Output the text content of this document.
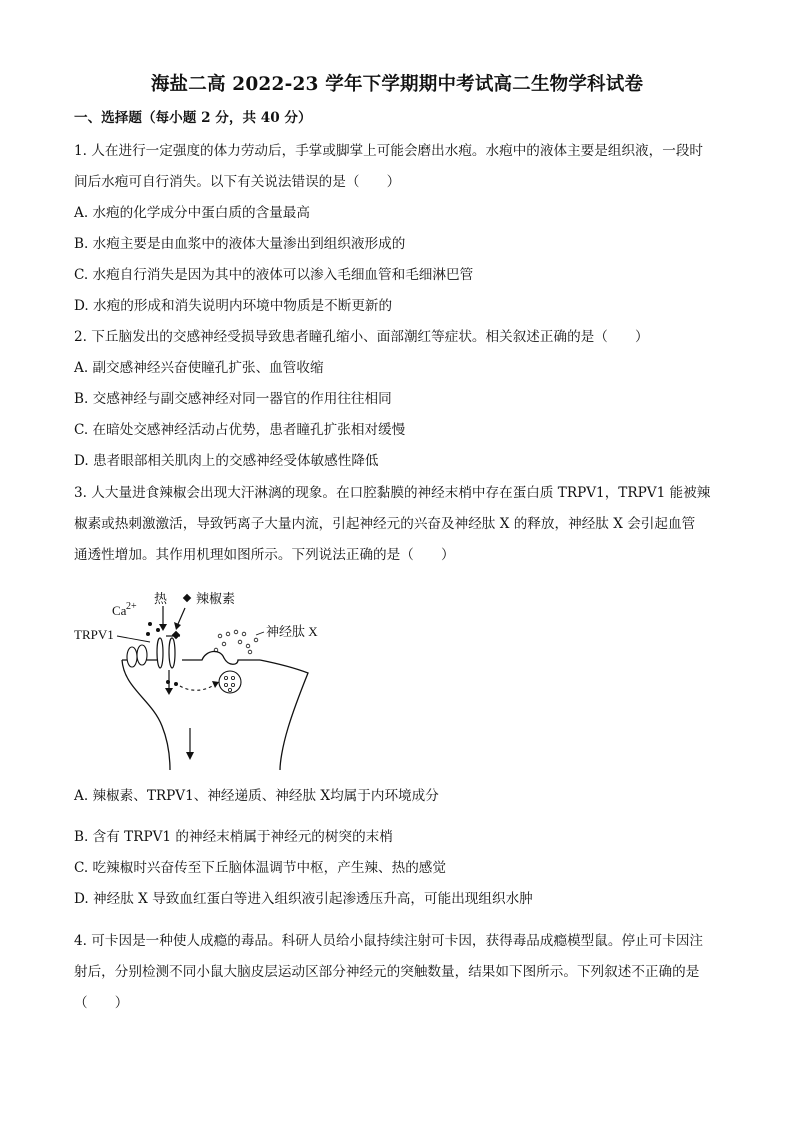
海盐二高 2022-23 学年下学期期中考试高二生物学科试卷
一、选择题（每小题 2 分，共 40 分）
1. 人在进行一定强度的体力劳动后，手掌或脚掌上可能会磨出水疱。水疱中的液体主要是组织液，一段时
间后水疱可自行消失。以下有关说法错误的是（　　）
A. 水疱的化学成分中蛋白质的含量最高
B. 水疱主要是由血浆中的液体大量渗出到组织液形成的
C. 水疱自行消失是因为其中的液体可以渗入毛细血管和毛细淋巴管
D. 水疱的形成和消失说明内环境中物质是不断更新的
2. 下丘脑发出的交感神经受损导致患者瞳孔缩小、面部潮红等症状。相关叙述正确的是（　　）
A. 副交感神经兴奋使瞳孔扩张、血管收缩
B. 交感神经与副交感神经对同一器官的作用往往相同
C. 在暗处交感神经活动占优势，患者瞳孔扩张相对缓慢
D. 患者眼部相关肌肉上的交感神经受体敏感性降低
3. 人大量进食辣椒会出现大汗淋漓的现象。在口腔黏膜的神经末梢中存在蛋白质 TRPV1，TRPV1 能被辣
椒素或热刺激激活，导致钙离子大量内流，引起神经元的兴奋及神经肽 X 的释放，神经肽 X 会引起血管
通透性增加。其作用机理如图所示。下列说法正确的是（　　）
Ca 2+
热 辣椒素
TRPV1	神经肽 X
A. 辣椒素、TRPV1、神经递质、神经肽 X均属于内环境成分
B. 含有 TRPV1 的神经末梢属于神经元的树突的末梢
C. 吃辣椒时兴奋传至下丘脑体温调节中枢，产生辣、热的感觉
D. 神经肽 X 导致血红蛋白等进入组织液引起渗透压升高，可能出现组织水肿
4. 可卡因是一种使人成瘾的毒品。科研人员给小鼠持续注射可卡因，获得毒品成瘾模型鼠。停止可卡因注
射后，分别检测不同小鼠大脑皮层运动区部分神经元的突触数量，结果如下图所示。下列叙述不正确的是
（　　）
